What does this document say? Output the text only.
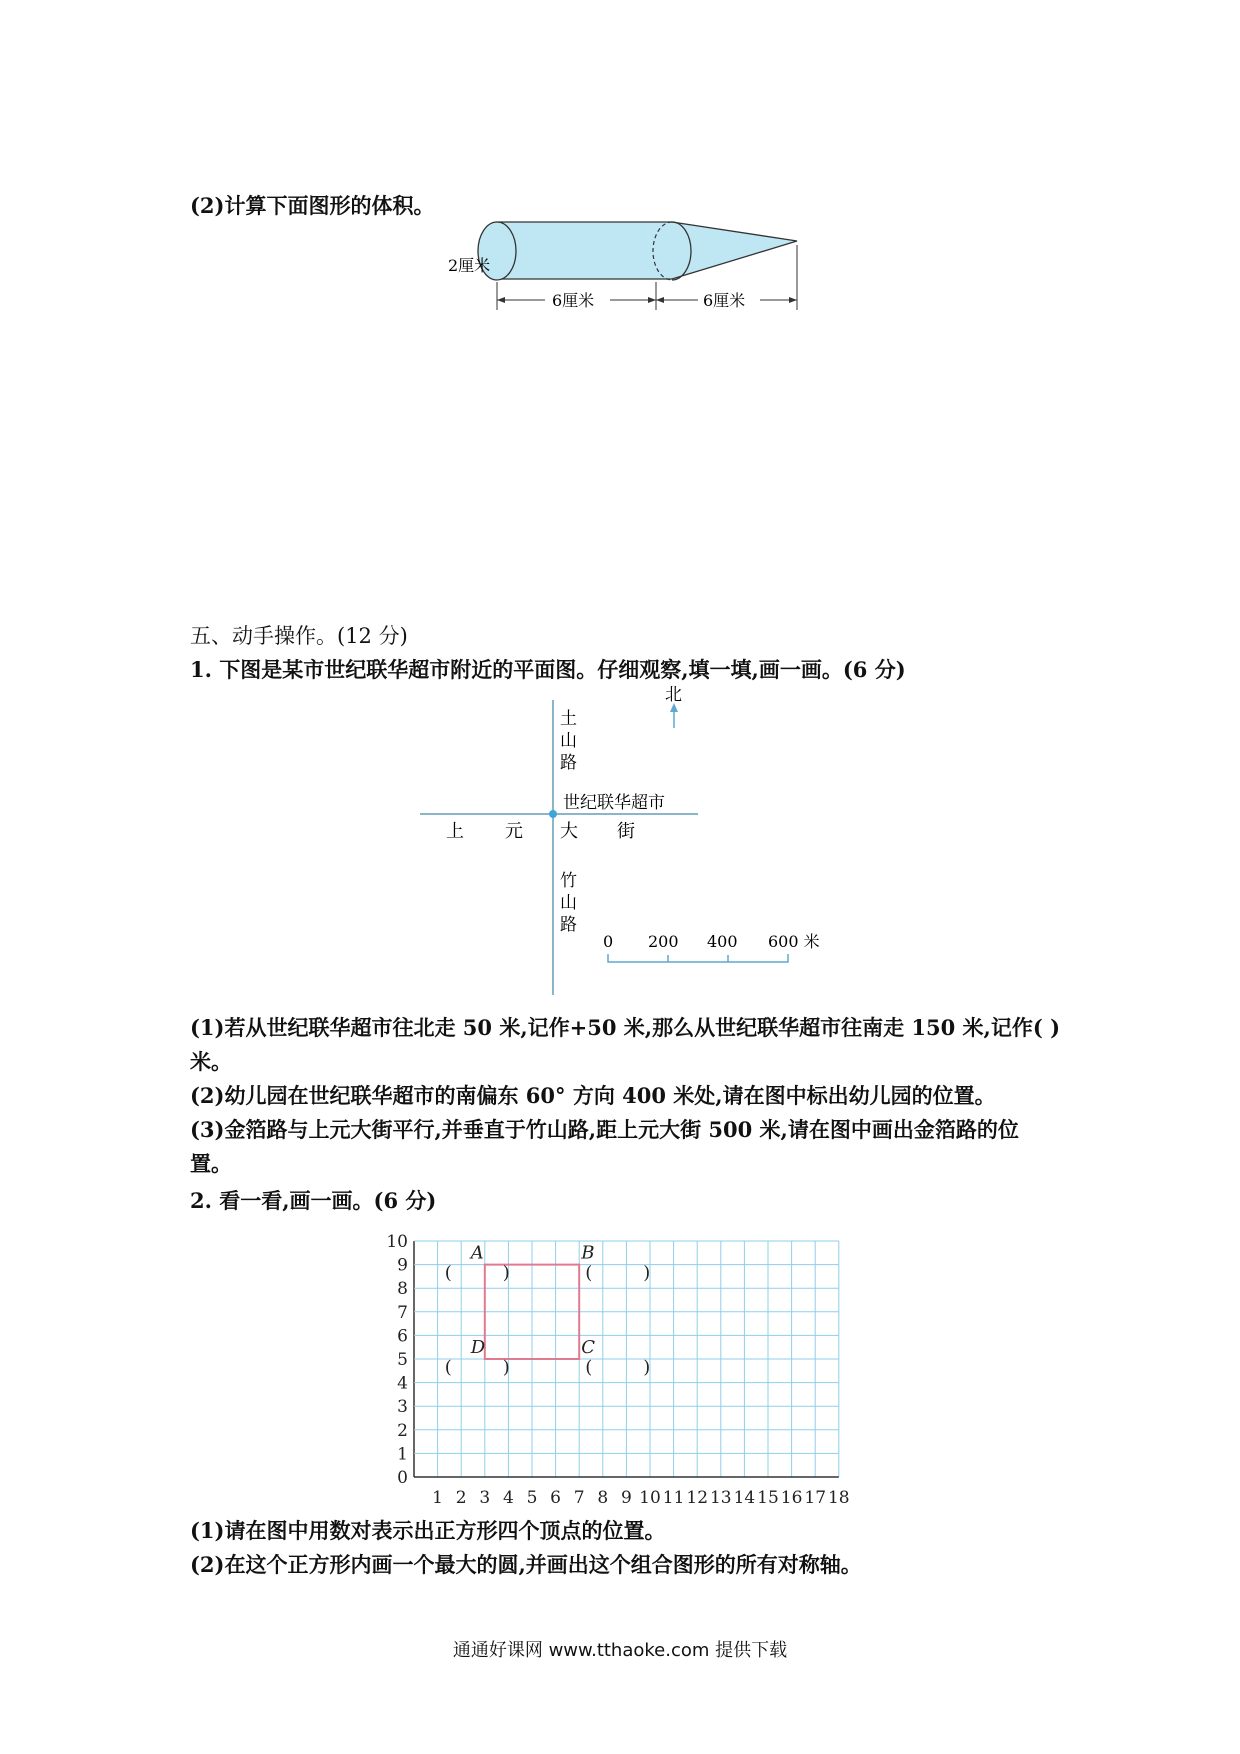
(2)计算下面图形的体积。
2厘米
6厘米	6厘米
五、动手操作。(12 分)
1. 下图是某市世纪联华超市附近的平面图。仔细观察,填一填,画一画。(6 分)
北
土
山
路
世纪联华超市
上 元 大 街
竹
山
路
0 200 400 600 米
(1)若从世纪联华超市往北走 50 米,记作+50 米,那么从世纪联华超市往南走 150 米,记作( )
米。
(2)幼儿园在世纪联华超市的南偏东 60° 方向 400 米处,请在图中标出幼儿园的位置。
(3)金箔路与上元大街平行,并垂直于竹山路,距上元大街 500 米,请在图中画出金箔路的位
置。
2. 看一看,画一画。(6 分)
1 2 3 4 5 6 7 8 9 10 11 12 13 14 15 16 17 18
0
1
2
3
4
5
6
7
8
9
10
A
(	)
B
(	)
C
(	)
D
(	)
(1)请在图中用数对表示出正方形四个顶点的位置。
(2)在这个正方形内画一个最大的圆,并画出这个组合图形的所有对称轴。
通通好课网 www.tthaoke.com 提供下载
